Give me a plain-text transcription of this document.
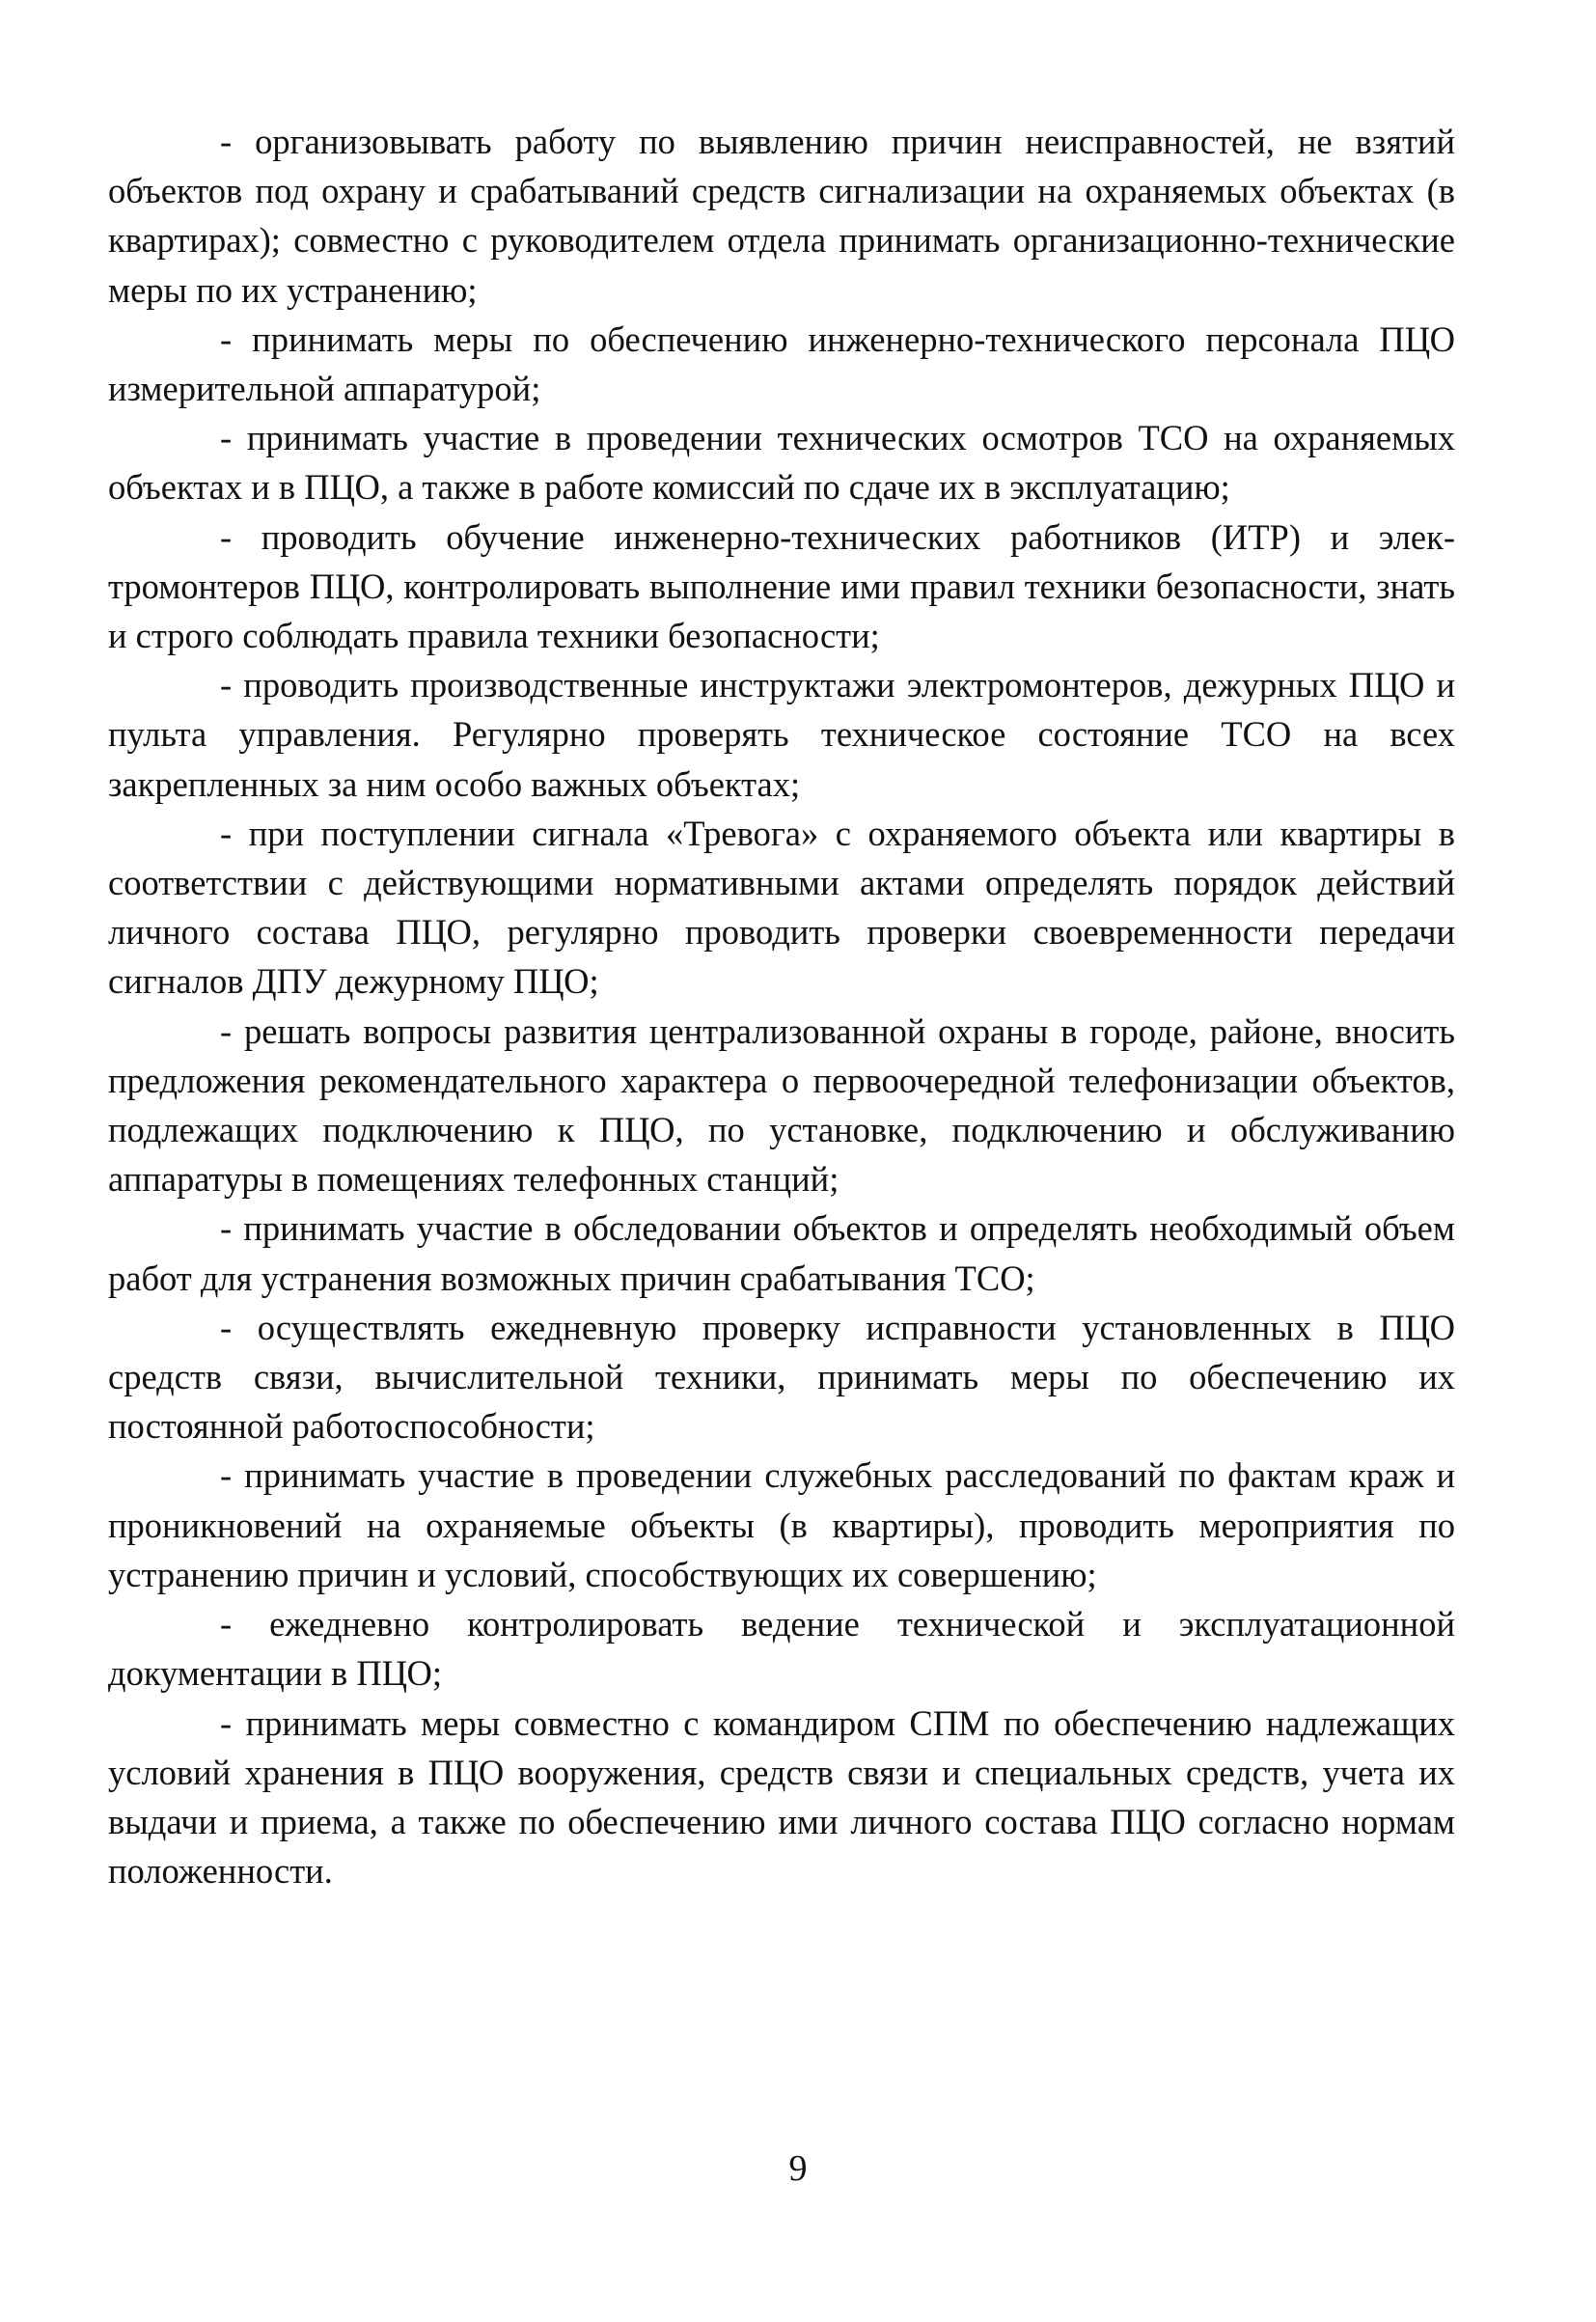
- организовывать работу по выявлению причин неисправностей, не взятий объектов под охрану и срабатываний средств сигнализации на охраняемых объектах (в квартирах); совместно с руководителем отдела принимать организационно-технические меры по их устранению;

- принимать меры по обеспечению инженерно-технического персонала ПЦО измерительной аппаратурой;

- принимать участие в проведении технических осмотров ТСО на охраняемых объектах и в ПЦО, а также в работе комиссий по сдаче их в эксплуатацию;

- проводить обучение инженерно-технических работников (ИТР) и электромонтеров ПЦО, контролировать выполнение ими правил техники безопасности, знать и строго соблюдать правила техники безопасности;

- проводить производственные инструктажи электромонтеров, дежурных ПЦО и пульта управления. Регулярно проверять техническое состояние ТСО на всех закрепленных за ним особо важных объектах;

- при поступлении сигнала «Тревога» с охраняемого объекта или квартиры в соответствии с действующими нормативными актами определять порядок действий личного состава ПЦО, регулярно проводить проверки своевременности передачи сигналов ДПУ дежурному ПЦО;

- решать вопросы развития централизованной охраны в городе, районе, вносить предложения рекомендательного характера о первоочередной телефонизации объектов, подлежащих подключению к ПЦО, по установке, подключению и обслуживанию аппаратуры в помещениях телефонных станций;

- принимать участие в обследовании объектов и определять необходимый объем работ для устранения возможных причин срабатывания ТСО;

- осуществлять ежедневную проверку исправности установленных в ПЦО средств связи, вычислительной техники, принимать меры по обеспечению их постоянной работоспособности;

- принимать участие в проведении служебных расследований по фактам краж и проникновений на охраняемые объекты (в квартиры), проводить мероприятия по устранению причин и условий, способствующих их совершению;

- ежедневно контролировать ведение технической и эксплуатационной документации в ПЦО;

- принимать меры совместно с командиром СПМ по обеспечению надлежащих условий хранения в ПЦО вооружения, средств связи и специальных средств, учета их выдачи и приема, а также по обеспечению ими личного состава ПЦО согласно нормам положенности.

9
